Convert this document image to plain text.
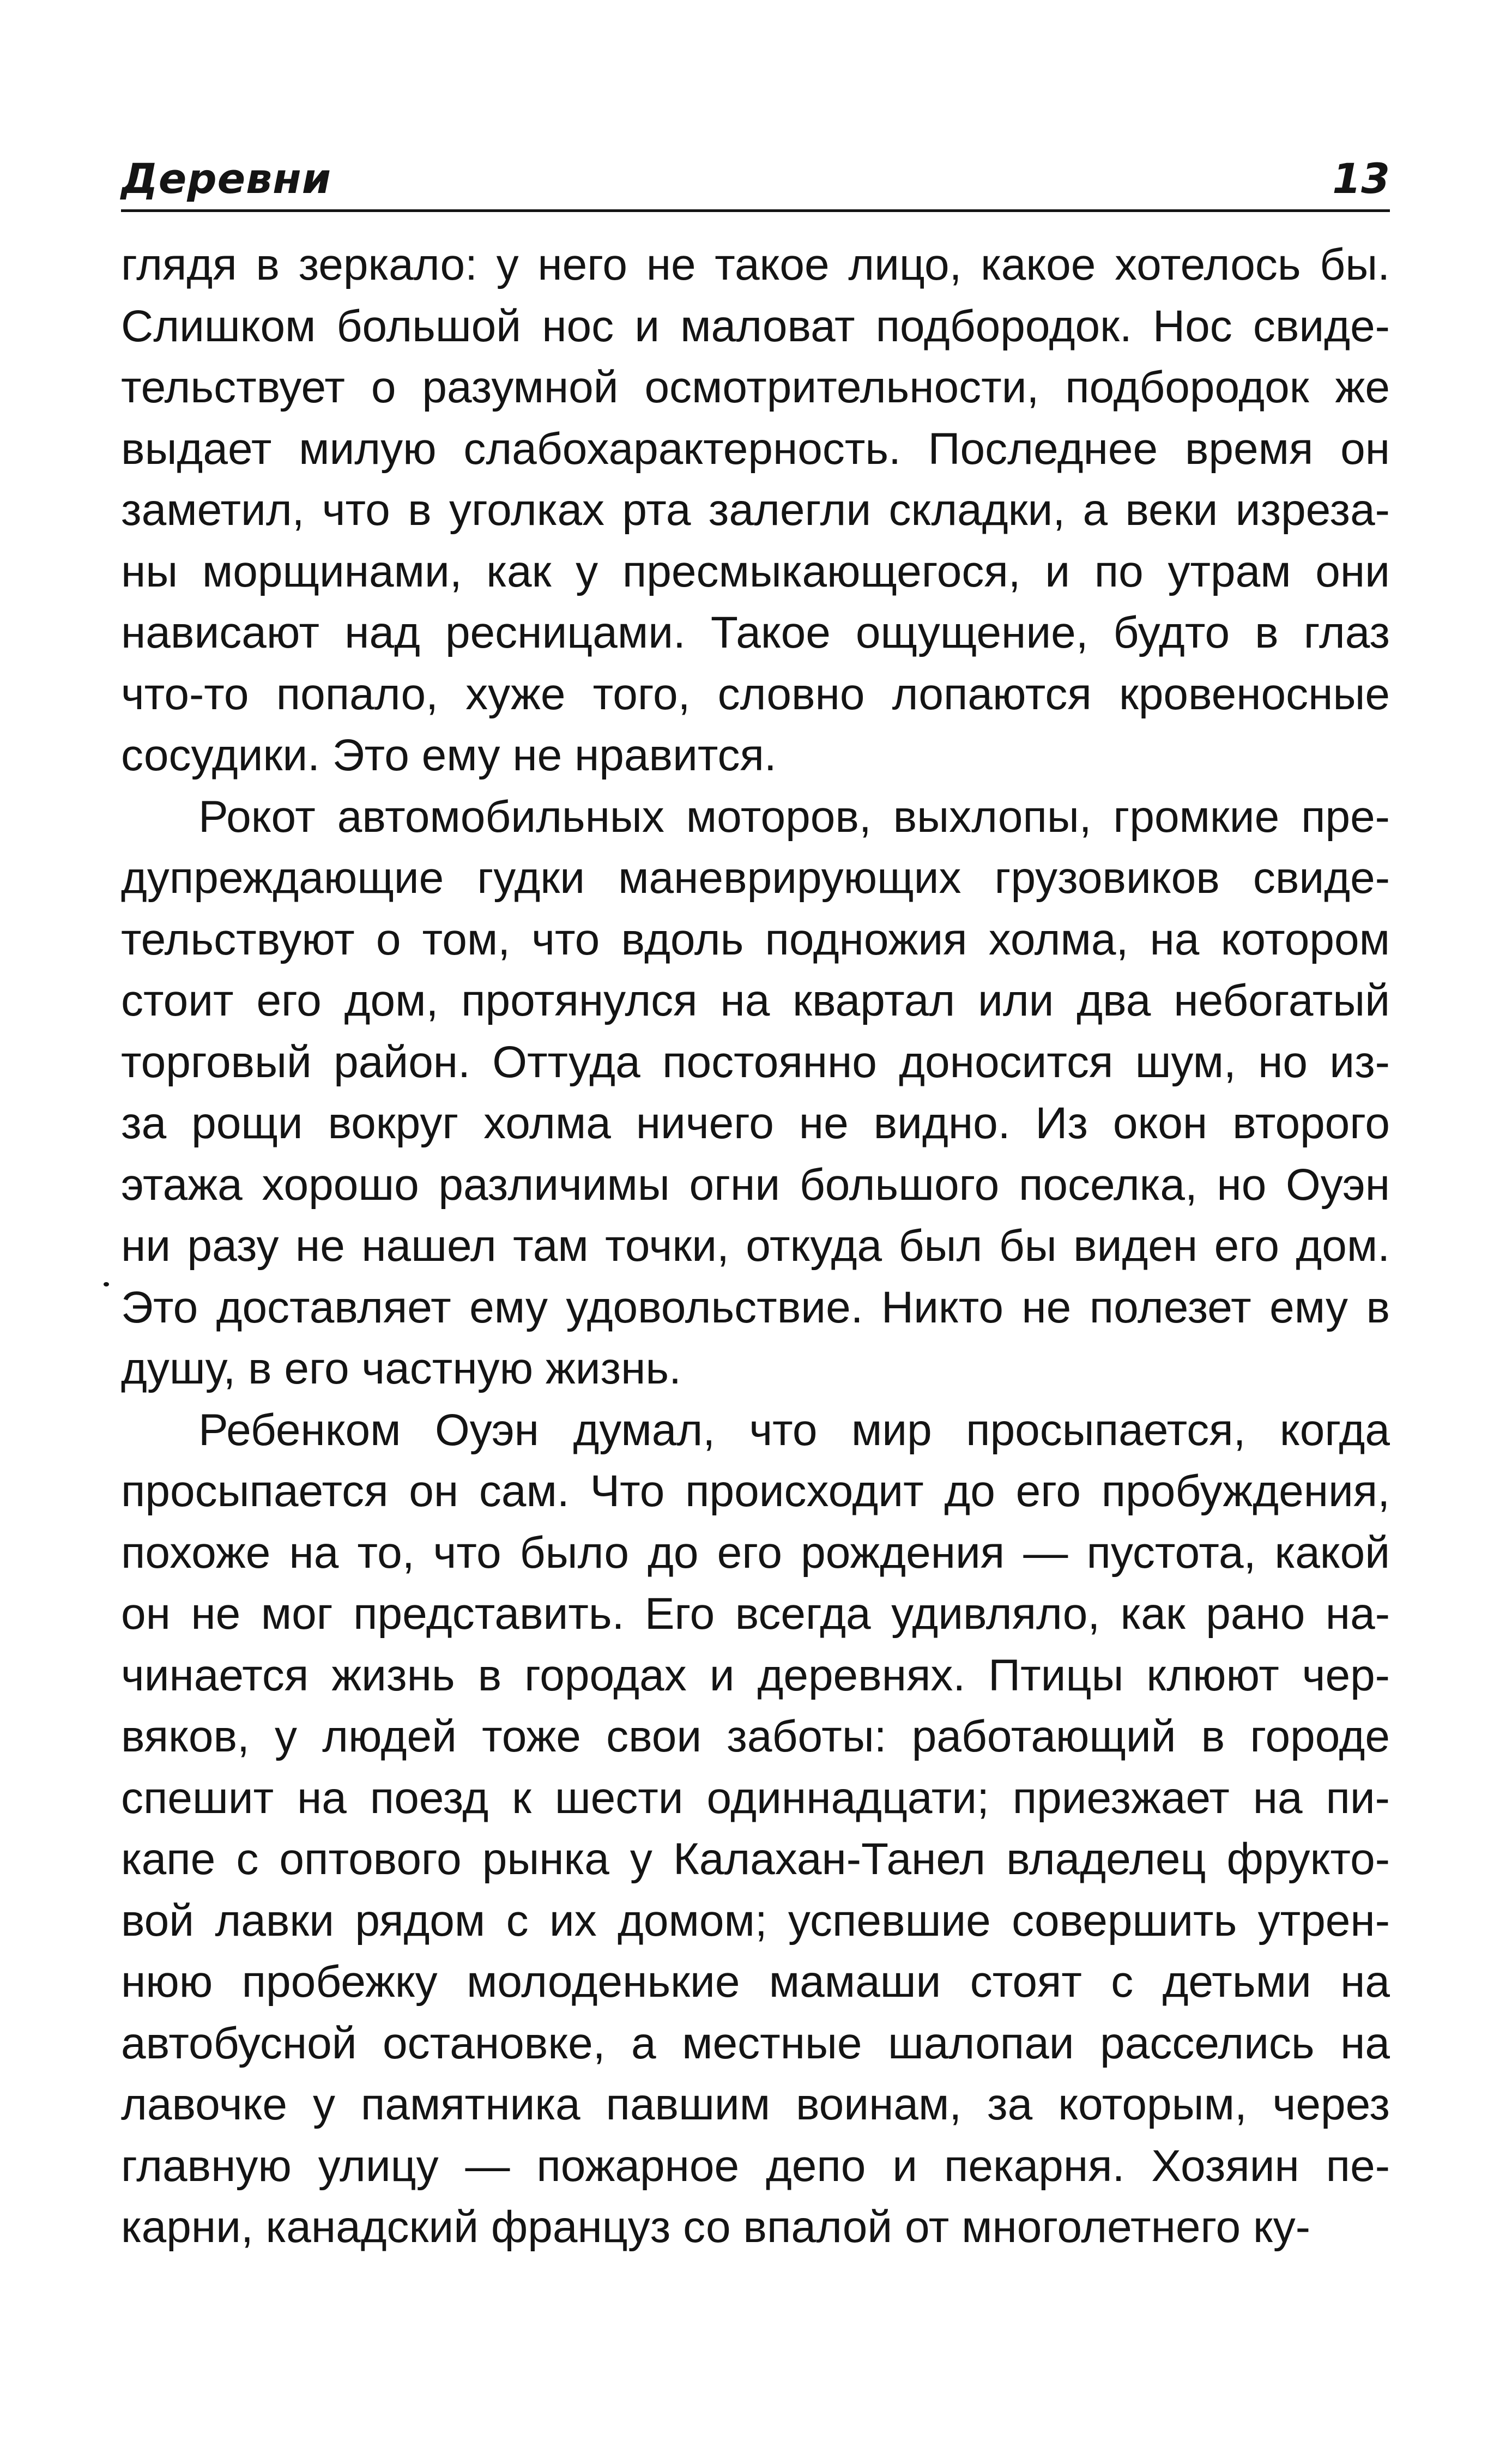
Деревни	13
глядя в зеркало: у него не такое лицо, какое хотелось бы.
Слишком большой нос и маловат подбородок. Нос свиде-
тельствует о разумной осмотрительности, подбородок же
выдает милую слабохарактерность. Последнее время он
заметил, что в уголках рта залегли складки, а веки изреза-
ны морщинами, как у пресмыкающегося, и по утрам они
нависают над ресницами. Такое ощущение, будто в глаз
что-то попало, хуже того, словно лопаются кровеносные
сосудики. Это ему не нравится.
Рокот автомобильных моторов, выхлопы, громкие пре-
дупреждающие гудки маневрирующих грузовиков свиде-
тельствуют о том, что вдоль подножия холма, на котором
стоит его дом, протянулся на квартал или два небогатый
торговый район. Оттуда постоянно доносится шум, но из-
за рощи вокруг холма ничего не видно. Из окон второго
этажа хорошо различимы огни большого поселка, но Оуэн
ни разу не нашел там точки, откуда был бы виден его дом.
Это доставляет ему удовольствие. Никто не полезет ему в
душу, в его частную жизнь.
Ребенком Оуэн думал, что мир просыпается, когда
просыпается он сам. Что происходит до его пробуждения,
похоже на то, что было до его рождения — пустота, какой
он не мог представить. Его всегда удивляло, как рано на-
чинается жизнь в городах и деревнях. Птицы клюют чер-
вяков, у людей тоже свои заботы: работающий в городе
спешит на поезд к шести одиннадцати; приезжает на пи-
капе с оптового рынка у Калахан-Танел владелец фрукто-
вой лавки рядом с их домом; успевшие совершить утрен-
нюю пробежку молоденькие мамаши стоят с детьми на
автобусной остановке, а местные шалопаи расселись на
лавочке у памятника павшим воинам, за которым, через
главную улицу — пожарное депо и пекарня. Хозяин пе-
карни, канадский француз со впалой от многолетнего ку-
